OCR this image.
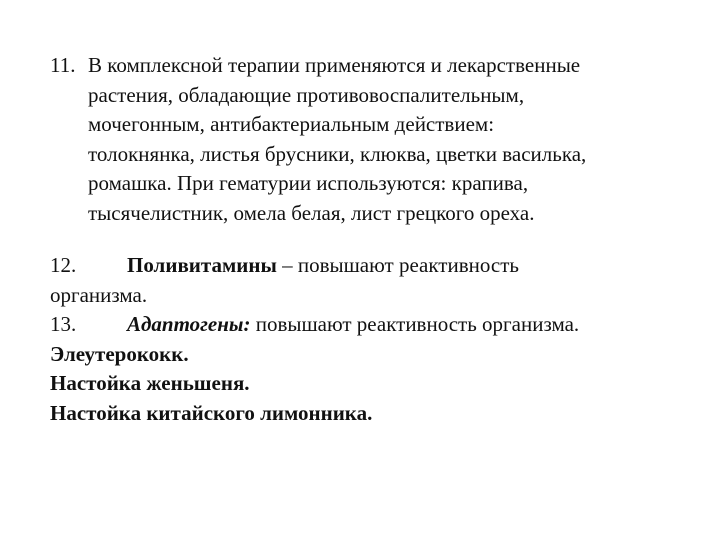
11. В комплексной терапии применяются и лекарственные
растения, обладающие противовоспалительным,
мочегонным, антибактериальным действием:
толокнянка, листья брусники, клюква, цветки василька,
ромашка. При гематурии используются: крапива,
тысячелистник, омела белая, лист грецкого ореха.
12. Поливитамины – повышают реактивность
организма.
13. Адаптогены: повышают реактивность организма.
Элеутерококк.
Настойка женьшеня.
Настойка китайского лимонника.
